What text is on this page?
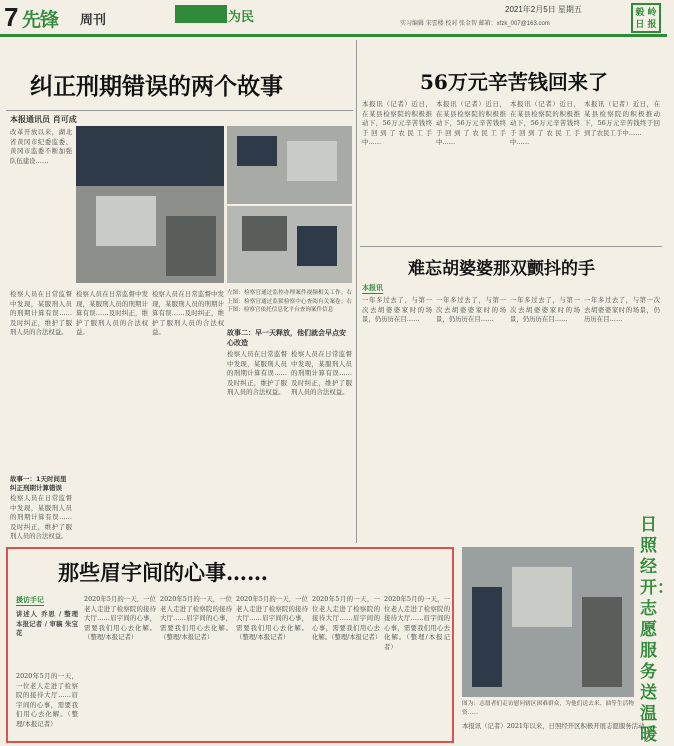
7 先锋 周刊	为民
2021年2月5日 星期五
实习编辑 宋雲楼 校对 张金智 邮箱：xfzk_007@163.com
毅 岭 日 报
纠正刑期错误的两个故事
本报通讯员 肖可成
改革开放以来，湖北省黄冈市纪委监委、黄冈市监委不断加强队伍建设……
左图：检察官通过监控办理案件视频相关工作；右上图：检察官通过监狱检察中心查阅有关案卷；右下图：检察官依托信息化平台查询案件信息
检察人员在日常监督中发现，某服刑人员的刑期计算有误……及时纠正，维护了服刑人员的合法权益。
故事一：1天时间里纠正刑期计算错误
检察人员在日常监督中发现，某服刑人员的刑期计算有误……及时纠正，维护了服刑人员的合法权益。
检察人员在日常监督中发现，某服刑人员的刑期计算有误……及时纠正，维护了服刑人员的合法权益。
检察人员在日常监督中发现，某服刑人员的刑期计算有误……及时纠正，维护了服刑人员的合法权益。	故事二：早一天释放，他们就会早点安心改造
检察人员在日常监督中发现，某服刑人员的刑期计算有误……及时纠正，维护了服刑人员的合法权益。
检察人员在日常监督中发现，某服刑人员的刑期计算有误……及时纠正，维护了服刑人员的合法权益。
56万元辛苦钱回来了
本报讯（记者）近日，在某县检察院的积极推动下，56万元辛苦钱终于回到了农民工手中……
本报讯（记者）近日，在某县检察院的积极推动下，56万元辛苦钱终于回到了农民工手中……
本报讯（记者）近日，在某县检察院的积极推动下，56万元辛苦钱终于回到了农民工手中……
本报讯（记者）近日，在某县检察院的积极推动下，56万元辛苦钱终于回到了农民工手中……
难忘胡婆婆那双颤抖的手
本报讯
一年多过去了，与第一次去胡婆婆家时的场景，仍历历在目……
一年多过去了，与第一次去胡婆婆家时的场景，仍历历在目……
一年多过去了，与第一次去胡婆婆家时的场景，仍历历在目……
一年多过去了，与第一次去胡婆婆家时的场景，仍历历在目……
那些眉宇间的心事……
援访手记
讲述人 乔思 / 整理 本报记者 / 审稿 朱宝花
2020年5月的一天，一位老人走进了检察院的接待大厅……眉宇间的心事，需要我们用心去化解。（整理/本报记者）
2020年5月的一天，一位老人走进了检察院的接待大厅……眉宇间的心事，需要我们用心去化解。（整理/本报记者）
2020年5月的一天，一位老人走进了检察院的接待大厅……眉宇间的心事，需要我们用心去化解。（整理/本报记者）
2020年5月的一天，一位老人走进了检察院的接待大厅……眉宇间的心事，需要我们用心去化解。（整理/本报记者）
2020年5月的一天，一位老人走进了检察院的接待大厅……眉宇间的心事，需要我们用心去化解。（整理/本报记者）
2020年5月的一天，一位老人走进了检察院的接待大厅……眉宇间的心事，需要我们用心去化解。（整理/本报记者）
日照经开：志愿服务送温暖
图为：志愿者们走访慰问辖区困难群众，为他们送去米、油等生活物资……
本报讯（记者）2021年以来，日照经开区积极开展志愿服务活动……
